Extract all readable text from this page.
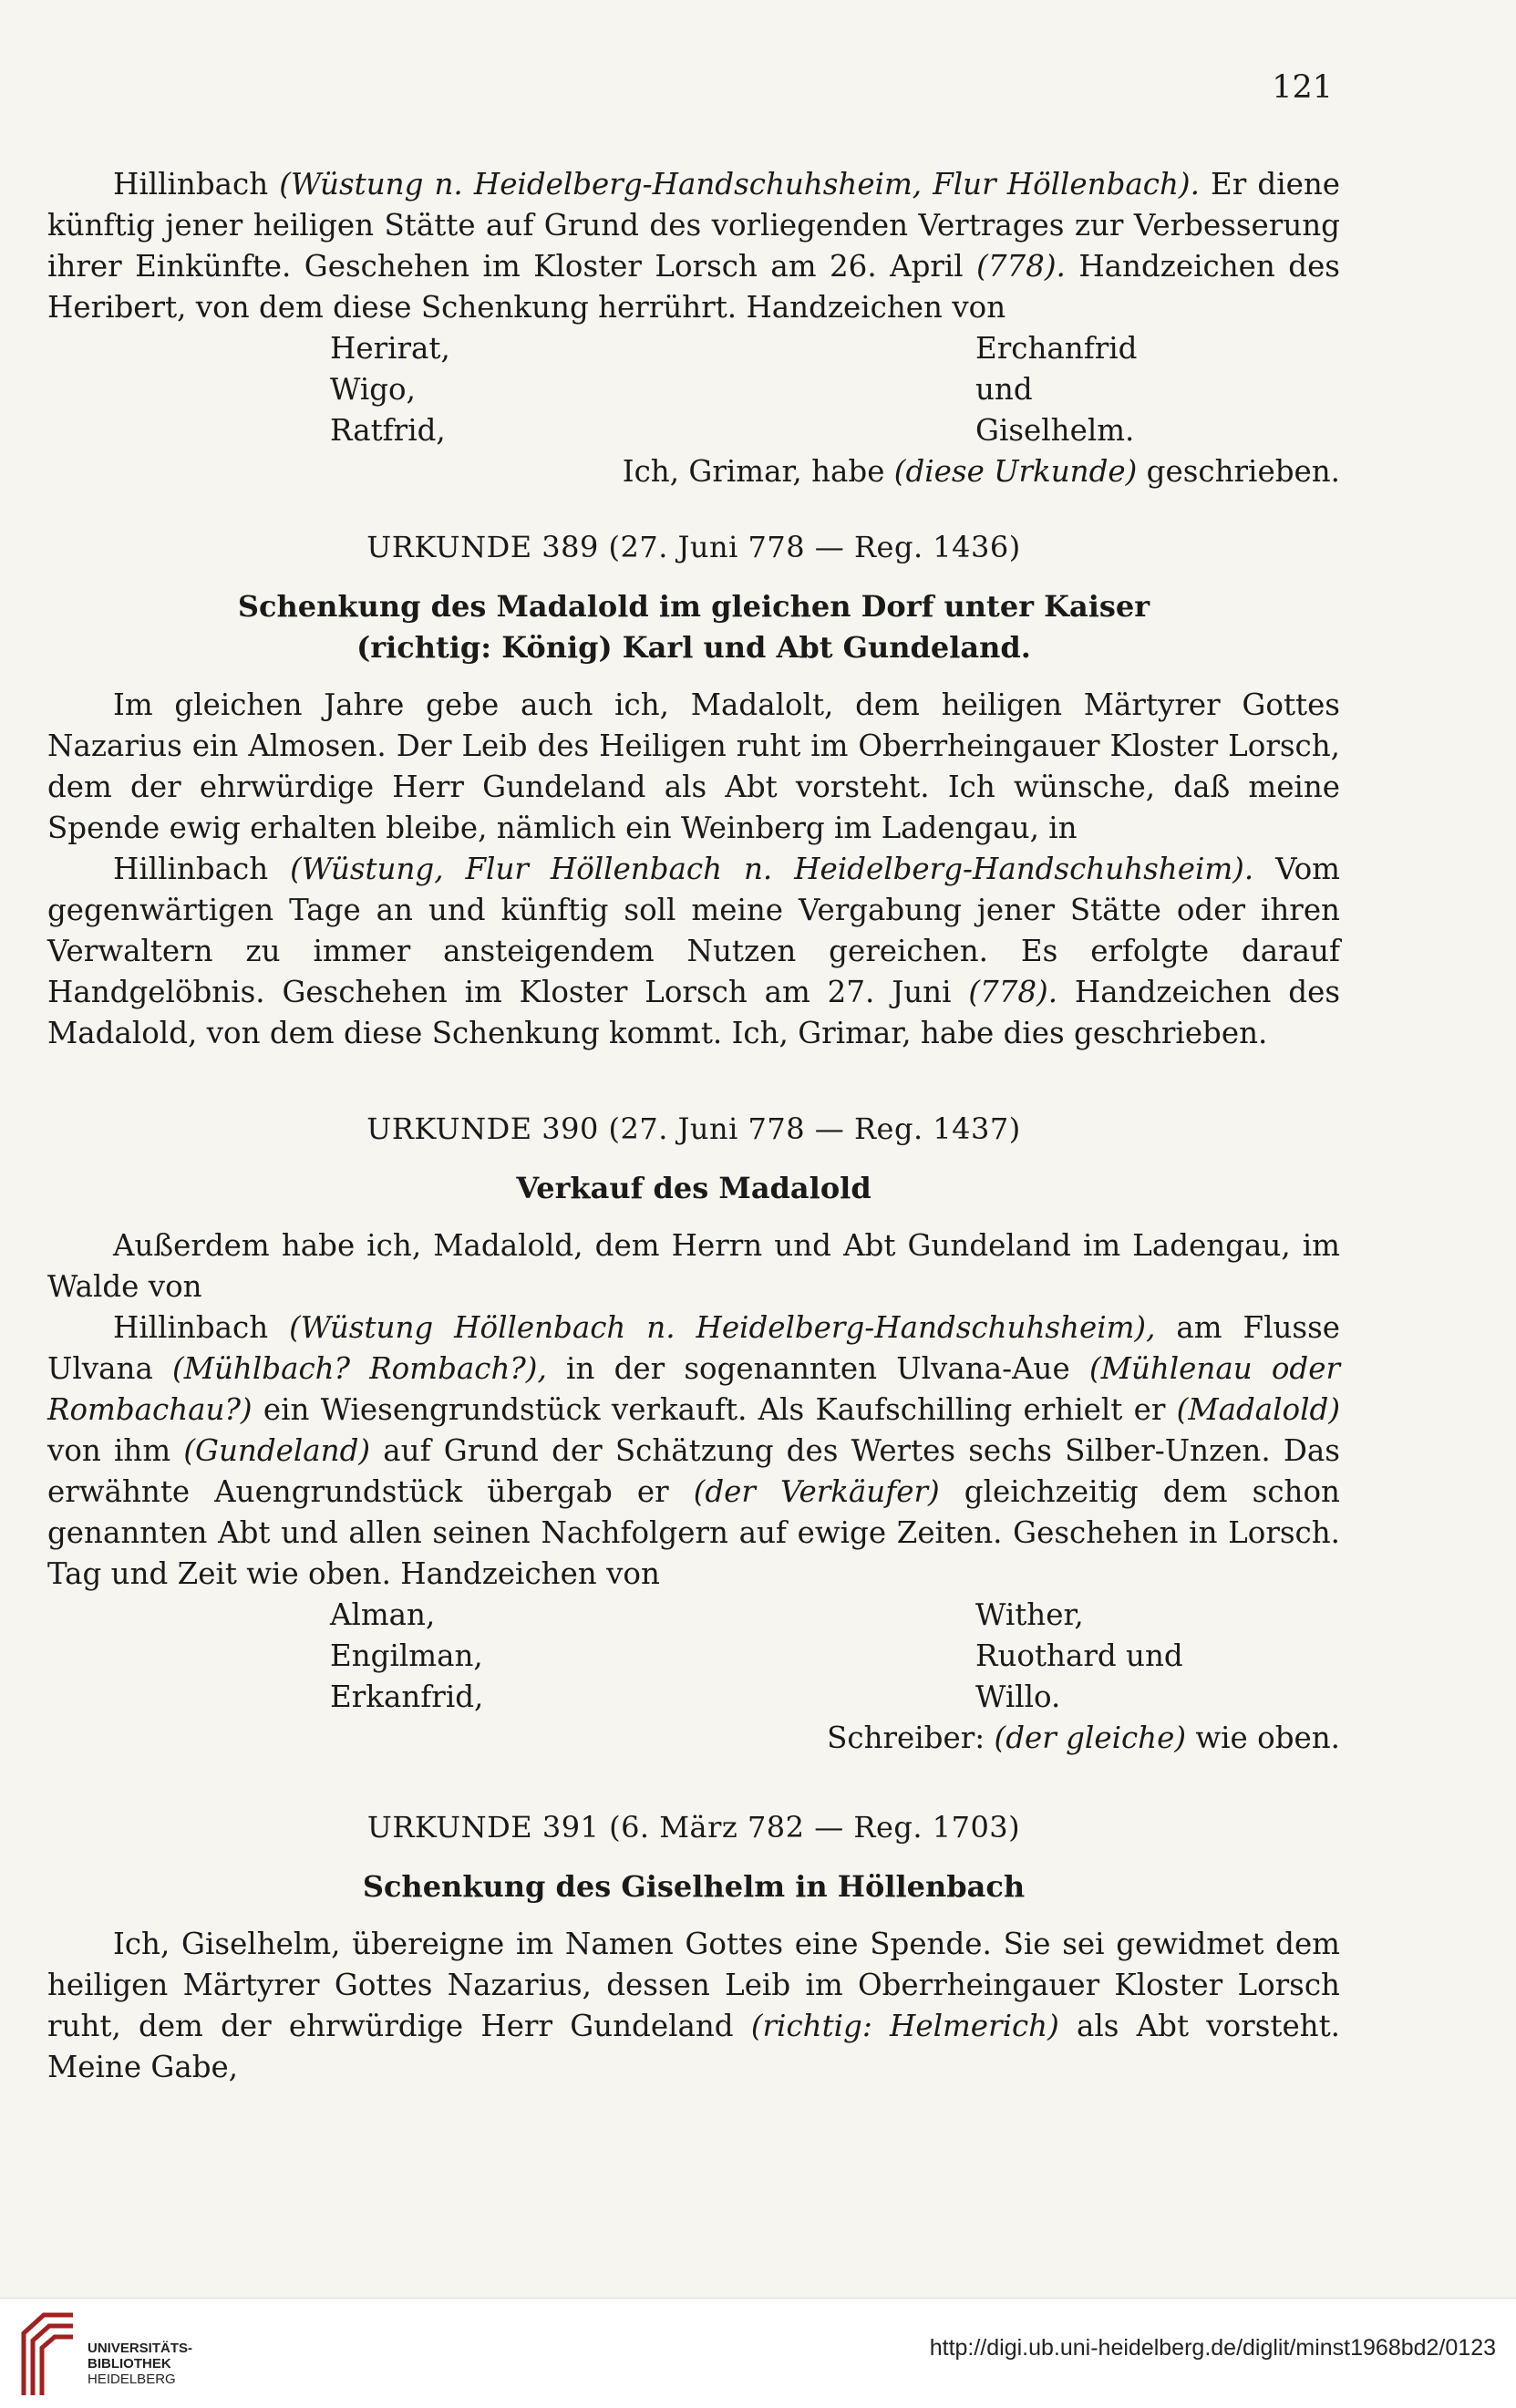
121
Hillinbach (Wüstung n. Heidelberg-Handschuhsheim, Flur Höllenbach). Er diene künftig jener heiligen Stätte auf Grund des vorliegenden Vertrages zur Verbesserung ihrer Einkünfte. Geschehen im Kloster Lorsch am 26. April (778). Handzeichen des Heribert, von dem diese Schenkung herrührt. Handzeichen von
Herirat,	Erchanfrid
Wigo,	und
Ratfrid,	Giselhelm.
Ich, Grimar, habe (diese Urkunde) geschrieben.
URKUNDE 389 (27. Juni 778 — Reg. 1436)
Schenkung des Madalold im gleichen Dorf unter Kaiser
(richtig: König) Karl und Abt Gundeland.
Im gleichen Jahre gebe auch ich, Madalolt, dem heiligen Märtyrer Gottes Nazarius ein Almosen. Der Leib des Heiligen ruht im Oberrheingauer Kloster Lorsch, dem der ehrwürdige Herr Gundeland als Abt vorsteht. Ich wünsche, daß meine Spende ewig erhalten bleibe, nämlich ein Weinberg im Ladengau, in
Hillinbach (Wüstung, Flur Höllenbach n. Heidelberg-Handschuhsheim). Vom gegenwärtigen Tage an und künftig soll meine Vergabung jener Stätte oder ihren Verwaltern zu immer ansteigendem Nutzen gereichen. Es erfolgte darauf Handgelöbnis. Geschehen im Kloster Lorsch am 27. Juni (778). Handzeichen des Madalold, von dem diese Schenkung kommt. Ich, Grimar, habe dies geschrieben.
URKUNDE 390 (27. Juni 778 — Reg. 1437)
Verkauf des Madalold
Außerdem habe ich, Madalold, dem Herrn und Abt Gundeland im Ladengau, im Walde von
Hillinbach (Wüstung Höllenbach n. Heidelberg-Handschuhsheim), am Flusse Ulvana (Mühlbach? Rombach?), in der sogenannten Ulvana-Aue (Mühlenau oder Rombachau?) ein Wiesengrundstück verkauft. Als Kaufschilling erhielt er (Madalold) von ihm (Gundeland) auf Grund der Schätzung des Wertes sechs Silber-Unzen. Das erwähnte Auengrundstück übergab er (der Verkäufer) gleichzeitig dem schon genannten Abt und allen seinen Nachfolgern auf ewige Zeiten. Geschehen in Lorsch. Tag und Zeit wie oben. Handzeichen von
Alman,	Wither,
Engilman,	Ruothard und
Erkanfrid,	Willo.
Schreiber: (der gleiche) wie oben.
URKUNDE 391 (6. März 782 — Reg. 1703)
Schenkung des Giselhelm in Höllenbach
Ich, Giselhelm, übereigne im Namen Gottes eine Spende. Sie sei gewidmet dem heiligen Märtyrer Gottes Nazarius, dessen Leib im Oberrheingauer Kloster Lorsch ruht, dem der ehrwürdige Herr Gundeland (richtig: Helmerich) als Abt vorsteht. Meine Gabe,
UNIVERSITÄTS-
BIBLIOTHEK
HEIDELBERG
http://digi.ub.uni-heidelberg.de/diglit/minst1968bd2/0123
